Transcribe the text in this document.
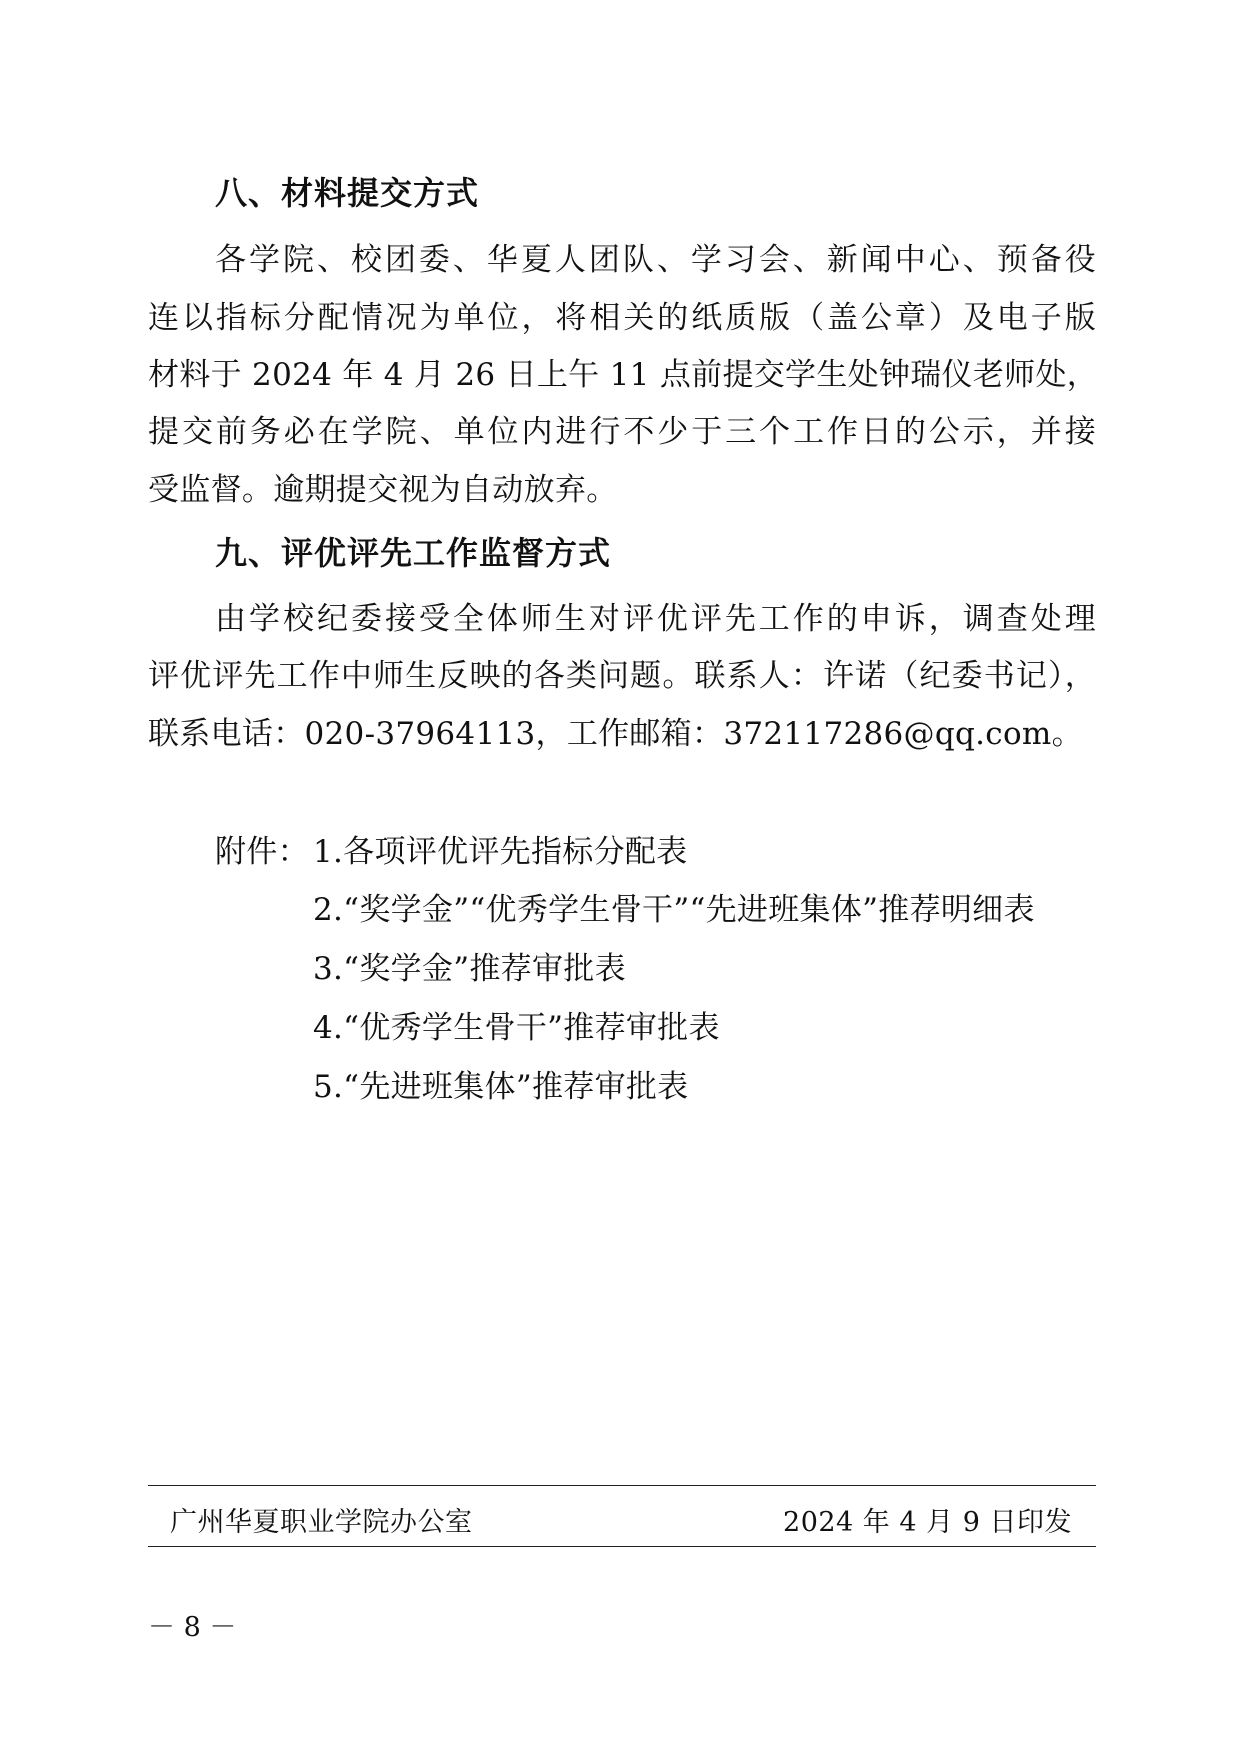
八、材料提交方式
各学院、校团委、华夏人团队、学习会、新闻中心、预备役
连以指标分配情况为单位，将相关的纸质版（盖公章）及电子版
材料于 2024 年 4 月 26 日上午 11 点前提交学生处钟瑞仪老师处，
提交前务必在学院、单位内进行不少于三个工作日的公示，并接
受监督。逾期提交视为自动放弃。
九、评优评先工作监督方式
由学校纪委接受全体师生对评优评先工作的申诉，调查处理
评优评先工作中师生反映的各类问题。联系人：许诺（纪委书记），
联系电话：020-37964113，工作邮箱：372117286@qq.com。
附件： 1.各项评优评先指标分配表
2.“奖学金”“优秀学生骨干”“先进班集体”推荐明细表
3.“奖学金”推荐审批表
4.“优秀学生骨干”推荐审批表
5.“先进班集体”推荐审批表
广州华夏职业学院办公室	2024 年 4 月 9 日印发
－ 8 －
